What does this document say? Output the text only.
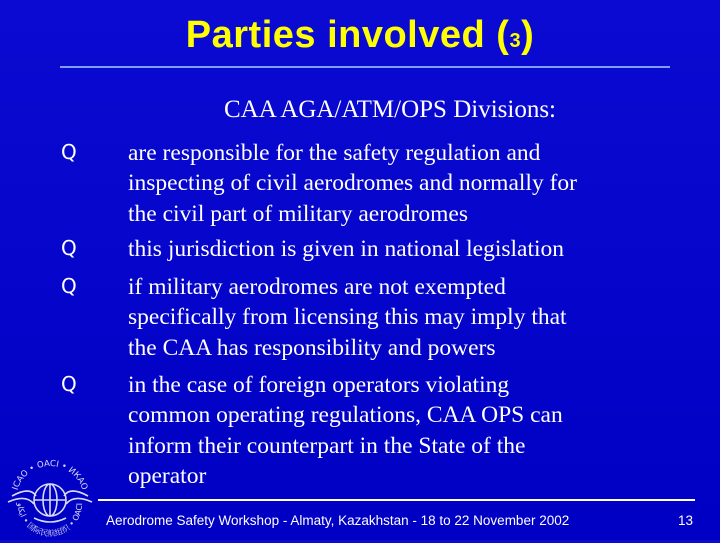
Parties involved (3)
CAA AGA/ATM/OPS Divisions:
Q are responsible for the safety regulation and
inspecting of civil aerodromes and normally for
the civil part of military aerodromes
Q this jurisdiction is given in national legislation
Q if military aerodromes are not exempted
specifically from licensing this may imply that
the CAA has responsibility and powers
Q in the case of foreign operators violating
common operating regulations, CAA OPS can
inform their counterpart in the State of the
operator
ICAO • OACI • ИКАО
ايكاو • 国际民航组织 • OACI
Aerodrome Safety Workshop - Almaty, Kazakhstan - 18 to 22 November 2002	13
